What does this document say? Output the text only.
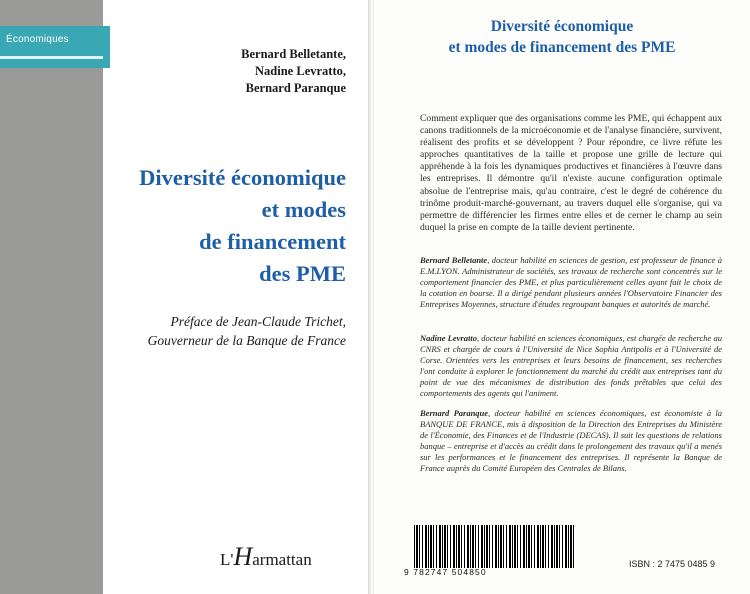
Économiques
Bernard Belletante,
Nadine Levratto,
Bernard Paranque
Diversité économique
et modes
de financement
des PME
Préface de Jean-Claude Trichet,
Gouverneur de la Banque de France
L'Harmattan
Diversité économique
et modes de financement des PME
Comment expliquer que des organisations comme les PME, qui échappent aux canons traditionnels de la microéconomie et de l'analyse financière, survivent, réalisent des profits et se développent ? Pour répondre, ce livre réfute les approches quantitatives de la taille et propose une grille de lecture qui appréhende à la fois les dynamiques productives et financières à l'œuvre dans les entreprises. Il démontre qu'il n'existe aucune configuration optimale absolue de l'entreprise mais, qu'au contraire, c'est le degré de cohérence du trinôme produit-marché-gouvernant, au travers duquel elle s'organise, qui va permettre de différencier les firmes entre elles et de cerner le champ au sein duquel la prise en compte de la taille devient pertinente.
Bernard Belletante, docteur habilité en sciences de gestion, est professeur de finance à E.M.LYON. Administrateur de sociétés, ses travaux de recherche sont concentrés sur le comportement financier des PME, et plus particulièrement celles ayant fait le choix de la cotation en bourse. Il a dirigé pendant plusieurs années l'Observatoire Financier des Entreprises Moyennes, structure d'études regroupant banques et autorités de marché.
Nadine Levratto, docteur habilité en sciences économiques, est chargée de recherche au CNRS et chargée de cours à l'Université de Nice Sophia Antipolis et à l'Université de Corse. Orientées vers les entreprises et leurs besoins de financement, ses recherches l'ont conduite à explorer le fonctionnement du marché du crédit aux entreprises tant du point de vue des mécanismes de distribution des fonds prêtables que celui des comportements des agents qui l'animent.
Bernard Paranque, docteur habilité en sciences économiques, est économiste à la BANQUE DE FRANCE, mis à disposition de la Direction des Entreprises du Ministère de l'Économie, des Finances et de l'Industrie (DECAS). Il suit les questions de relations banque – entreprise et d'accès au crédit dans le prolongement des travaux qu'il a menés sur les performances et le financement des entreprises. Il représente la Banque de France auprès du Comité Européen des Centrales de Bilans.
9 782747 504850
ISBN : 2 7475 0485 9
